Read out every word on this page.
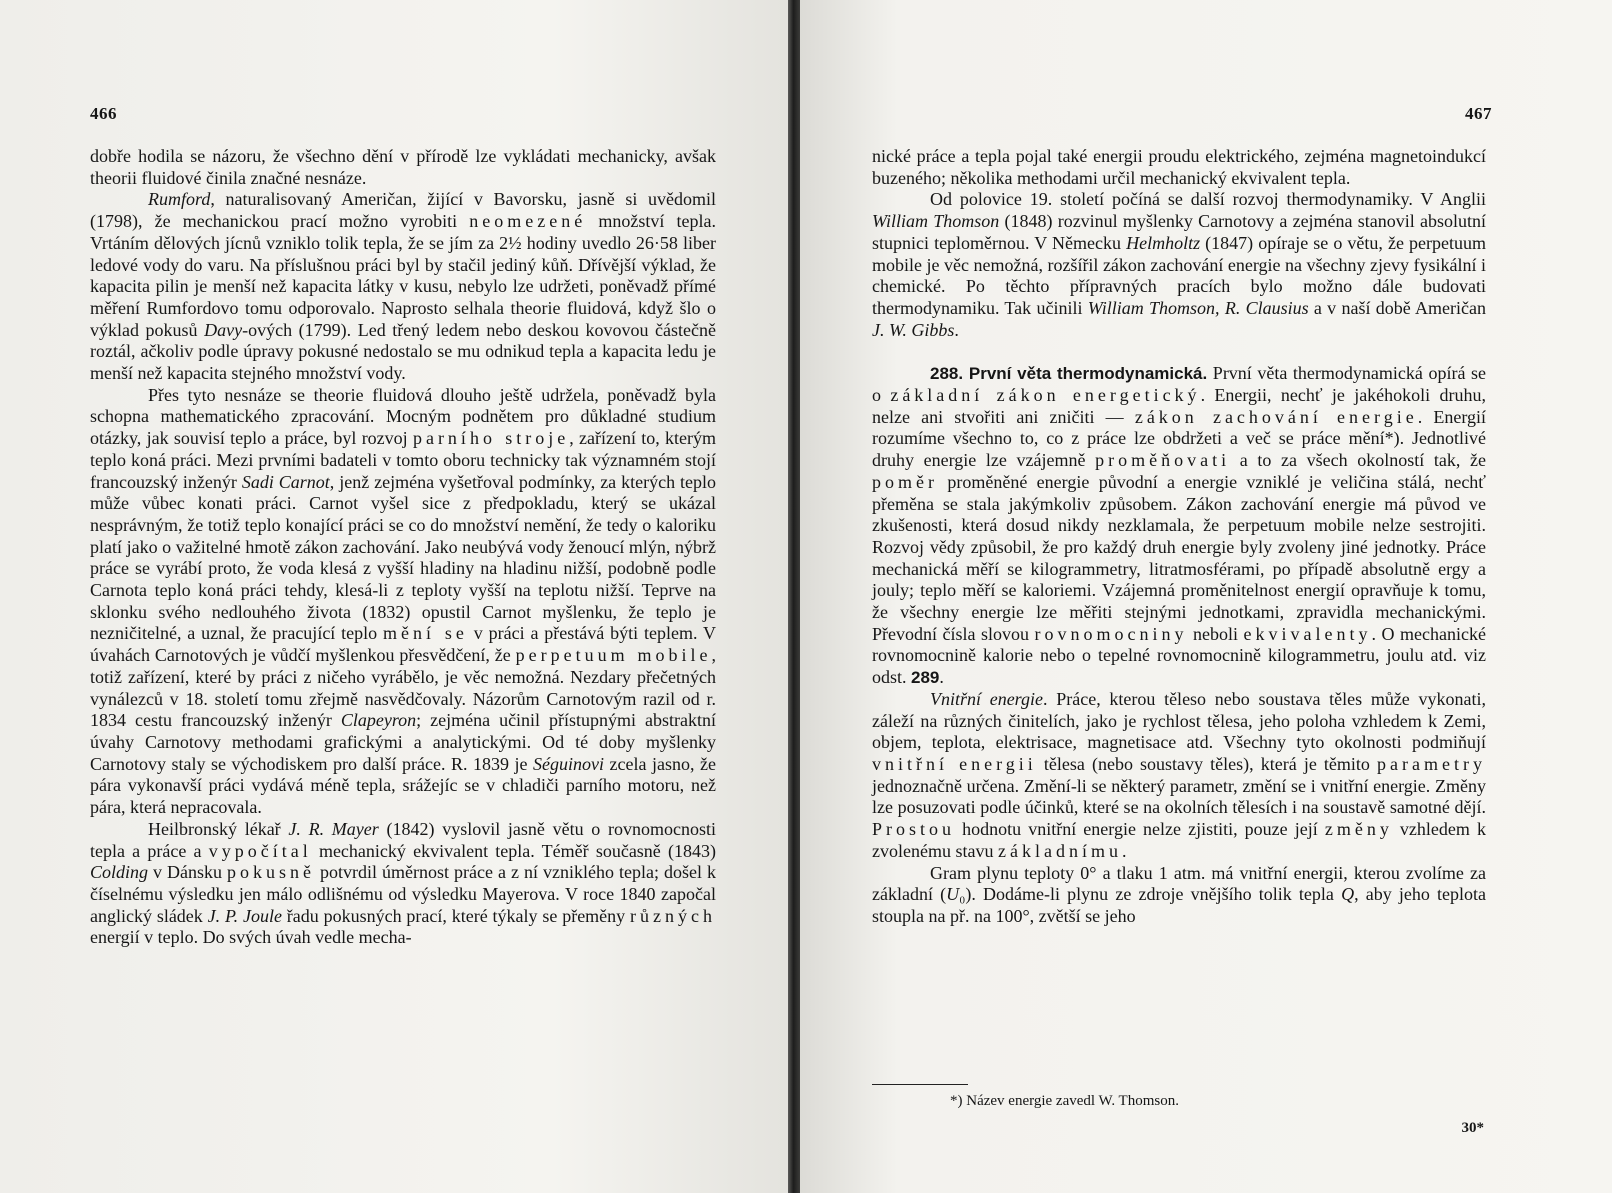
466

dobře hodila se názoru, že všechno dění v přírodě lze vykládati mechanicky, avšak theorii fluidové činila značné nesnáze.

Rumford, naturalisovaný Američan, žijící v Bavorsku, jasně si uvědomil (1798), že mechanickou prací možno vyrobiti neomezené množství tepla. Vrtáním dělových jícnů vzniklo tolik tepla, že se jím za 2½ hodiny uvedlo 26·58 liber ledové vody do varu. Na příslušnou práci byl by stačil jediný kůň. Dřívější výklad, že kapacita pilin je menší než kapacita látky v kusu, nebylo lze udržeti, poněvadž přímé měření Rumfordovo tomu odporovalo. Naprosto selhala theorie fluidová, když šlo o výklad pokusů Davy-ových (1799). Led třený ledem nebo deskou kovovou částečně roztál, ačkoliv podle úpravy pokusné nedostalo se mu odnikud tepla a kapacita ledu je menší než kapacita stejného množství vody.

Přes tyto nesnáze se theorie fluidová dlouho ještě udržela, poněvadž byla schopna mathematického zpracování. Mocným podnětem pro důkladné studium otázky, jak souvisí teplo a práce, byl rozvoj parního stroje, zařízení to, kterým teplo koná práci. Mezi prvními badateli v tomto oboru technicky tak významném stojí francouzský inženýr Sadi Carnot, jenž zejména vyšetřoval podmínky, za kterých teplo může vůbec konati práci. Carnot vyšel sice z předpokladu, který se ukázal nesprávným, že totiž teplo konající práci se co do množství nemění, že tedy o kaloriku platí jako o važitelné hmotě zákon zachování. Jako neubývá vody ženoucí mlýn, nýbrž práce se vyrábí proto, že voda klesá z vyšší hladiny na hladinu nižší, podobně podle Carnota teplo koná práci tehdy, klesá-li z teploty vyšší na teplotu nižší. Teprve na sklonku svého nedlouhého života (1832) opustil Carnot myšlenku, že teplo je nezničitelné, a uznal, že pracující teplo mění se v práci a přestává býti teplem. V úvahách Carnotových je vůdčí myšlenkou přesvědčení, že perpetuum mobile, totiž zařízení, které by práci z ničeho vyrábělo, je věc nemožná. Nezdary přečetných vynálezců v 18. století tomu zřejmě nasvědčovaly. Názorům Carnotovým razil od r. 1834 cestu francouzský inženýr Clapeyron; zejména učinil přístupnými abstraktní úvahy Carnotovy methodami grafickými a analytickými. Od té doby myšlenky Carnotovy staly se východiskem pro další práce. R. 1839 je Séguinovi zcela jasno, že pára vykonavší práci vydává méně tepla, srážejíc se v chladiči parního motoru, než pára, která nepracovala.

Heilbronský lékař J. R. Mayer (1842) vyslovil jasně větu o rovnomocnosti tepla a práce a vypočítal mechanický ekvivalent tepla. Téměř současně (1843) Colding v Dánsku pokusně potvrdil úměrnost práce a z ní vzniklého tepla; došel k číselnému výsledku jen málo odlišnému od výsledku Mayerova. V roce 1840 započal anglický sládek J. P. Joule řadu pokusných prací, které týkaly se přeměny různých energií v teplo. Do svých úvah vedle mecha-

467

nické práce a tepla pojal také energii proudu elektrického, zejména magnetoindukcí buzeného; několika methodami určil mechanický ekvivalent tepla.

Od polovice 19. století počíná se další rozvoj thermodynamiky. V Anglii William Thomson (1848) rozvinul myšlenky Carnotovy a zejména stanovil absolutní stupnici teploměrnou. V Německu Helmholtz (1847) opíraje se o větu, že perpetuum mobile je věc nemožná, rozšířil zákon zachování energie na všechny zjevy fysikální i chemické. Po těchto přípravných pracích bylo možno dále budovati thermodynamiku. Tak učinili William Thomson, R. Clausius a v naší době Američan J. W. Gibbs.

288. První věta thermodynamická. První věta thermodynamická opírá se o základní zákon energetický. Energii, nechť je jakéhokoli druhu, nelze ani stvořiti ani zničiti — zákon zachování energie. Energií rozumíme všechno to, co z práce lze obdržeti a več se práce mění*). Jednotlivé druhy energie lze vzájemně proměňovati a to za všech okolností tak, že poměr proměněné energie původní a energie vzniklé je veličina stálá, nechť přeměna se stala jakýmkoliv způsobem. Zákon zachování energie má původ ve zkušenosti, která dosud nikdy nezklamala, že perpetuum mobile nelze sestrojiti. Rozvoj vědy způsobil, že pro každý druh energie byly zvoleny jiné jednotky. Práce mechanická měří se kilogrammetry, litratmosférami, po případě absolutně ergy a jouly; teplo měří se kaloriemi. Vzájemná proměnitelnost energií opravňuje k tomu, že všechny energie lze měřiti stejnými jednotkami, zpravidla mechanickými. Převodní čísla slovou rovnomocniny neboli ekvivalenty. O mechanické rovnomocnině kalorie nebo o tepelné rovnomocnině kilogrammetru, joulu atd. viz odst. 289.

Vnitřní energie. Práce, kterou těleso nebo soustava těles může vykonati, záleží na různých činitelích, jako je rychlost tělesa, jeho poloha vzhledem k Zemi, objem, teplota, elektrisace, magnetisace atd. Všechny tyto okolnosti podmiňují vnitřní energii tělesa (nebo soustavy těles), která je těmito parametry jednoznačně určena. Změní-li se některý parametr, změní se i vnitřní energie. Změny lze posuzovati podle účinků, které se na okolních tělesích i na soustavě samotné dějí. Prostou hodnotu vnitřní energie nelze zjistiti, pouze její změny vzhledem k zvolenému stavu základnímu.

Gram plynu teploty 0° a tlaku 1 atm. má vnitřní energii, kterou zvolíme za základní (U₀). Dodáme-li plynu ze zdroje vnějšího tolik tepla Q, aby jeho teplota stoupla na př. na 100°, zvětší se jeho

*) Název energie zavedl W. Thomson.
30*
